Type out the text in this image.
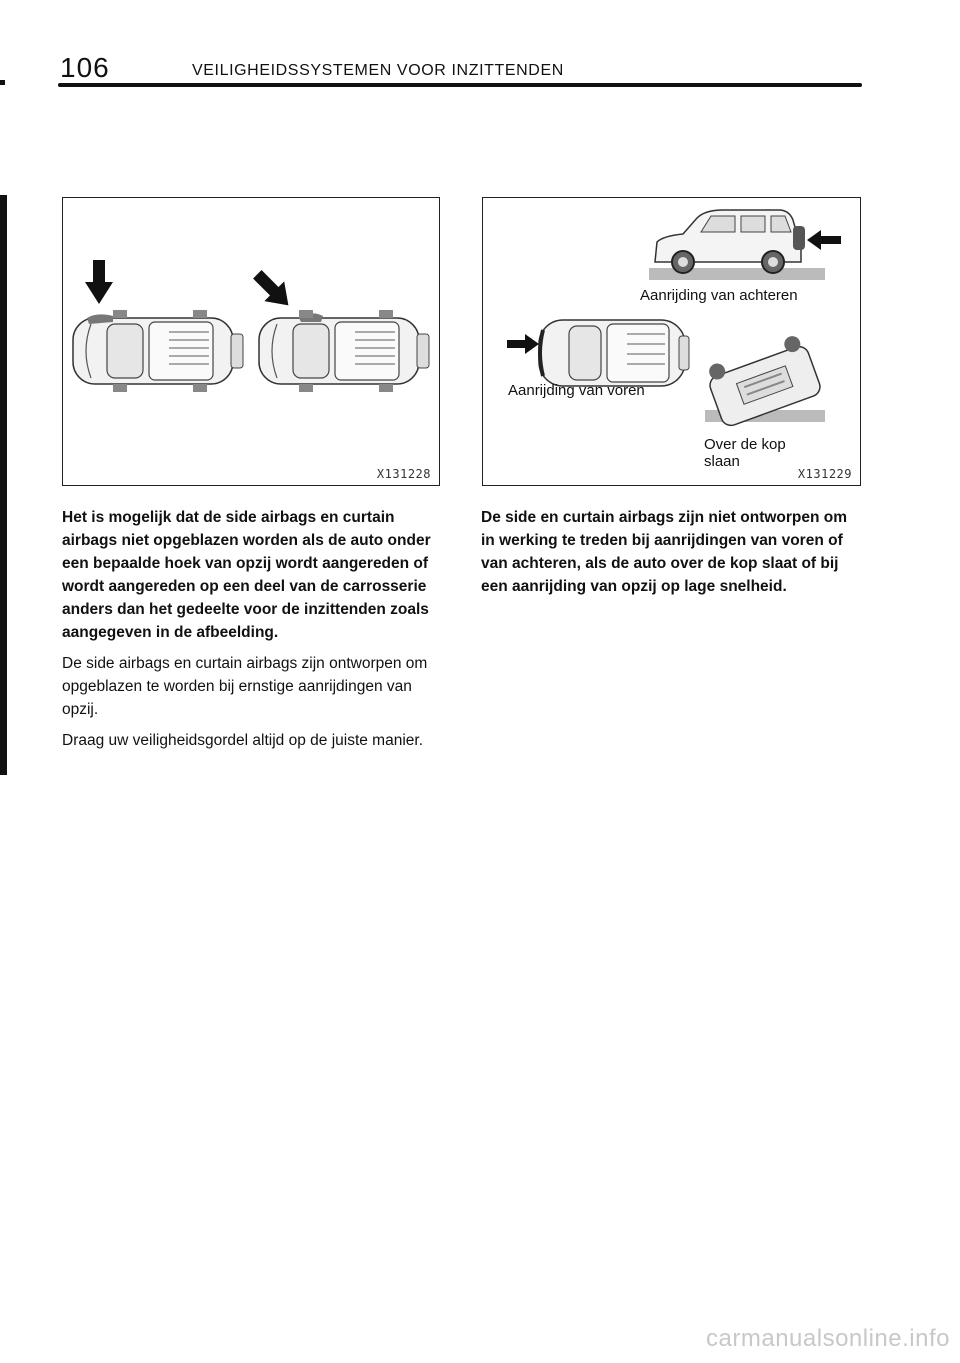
106	VEILIGHEIDSSYSTEMEN VOOR INZITTENDEN
X131228
Aanrijding van achteren
Aanrijding van voren
Over de kop
slaan
X131229

Het is mogelijk dat de side airbags en curtain airbags niet opgeblazen worden als de auto onder een bepaalde hoek van opzij wordt aangereden of wordt aangereden op een deel van de carrosserie anders dan het gedeelte voor de inzittenden zoals aangegeven in de afbeelding.

De side airbags en curtain airbags zijn ontworpen om opgeblazen te worden bij ernstige aanrijdingen van opzij.

Draag uw veiligheidsgordel altijd op de juiste manier.

De side en curtain airbags zijn niet ontworpen om in werking te treden bij aanrijdingen van voren of van achteren, als de auto over de kop slaat of bij een aanrijding van opzij op lage snelheid.

carmanualsonline.info
